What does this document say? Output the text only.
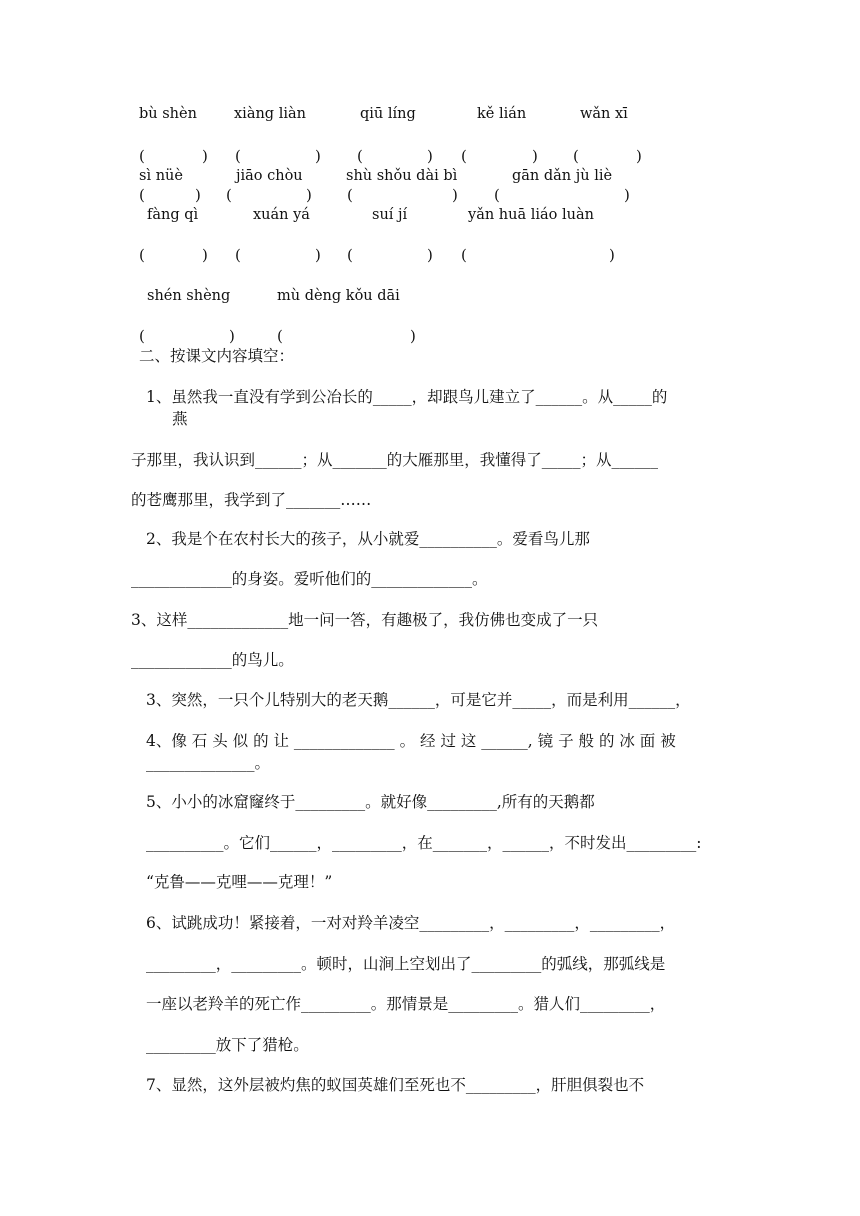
bù shèn	xiàng liàn	qiū líng	kě lián	wǎn xī
(	) (	) (	) (	) (	)
sì nüè	jiāo chòu	shù shǒu dài bì	gān dǎn jù liè
(	) (	) (	) (	)
fàng qì	xuán yá	suí jí	yǎn huā liáo luàn
(	) (	) (	) (	)
shén shèng	mù dèng kǒu dāi
(	)	(	)
二、按课文内容填空：
1、虽然我一直没有学到公冶长的_____，却跟鸟儿建立了______。从_____的
燕
子那里，我认识到______；从_______的大雁那里，我懂得了_____；从______
的苍鹰那里，我学到了_______……
2、我是个在农村长大的孩子，从小就爱__________。爱看鸟儿那
_____________的身姿。爱听他们的_____________。
3、这样_____________地一问一答，有趣极了，我仿佛也变成了一只
_____________的鸟儿。
3、突然，一只个儿特别大的老天鹅______，可是它并_____，而是利用______，
4、像 石 头 似 的 让 _____________ 。 经 过 这 ______, 镜 子 般 的 冰 面 被
______________。
5、小小的冰窟窿终于_________。就好像_________,所有的天鹅都
__________。它们______，_________，在_______，______，不时发出_________:
“克鲁——克哩——克理！”
6、试跳成功！紧接着，一对对羚羊凌空_________，_________，_________，
_________，_________。顿时，山涧上空划出了_________的弧线，那弧线是
一座以老羚羊的死亡作_________。那情景是_________。猎人们_________，
_________放下了猎枪。
7、显然，这外层被灼焦的蚁国英雄们至死也不_________，肝胆俱裂也不
